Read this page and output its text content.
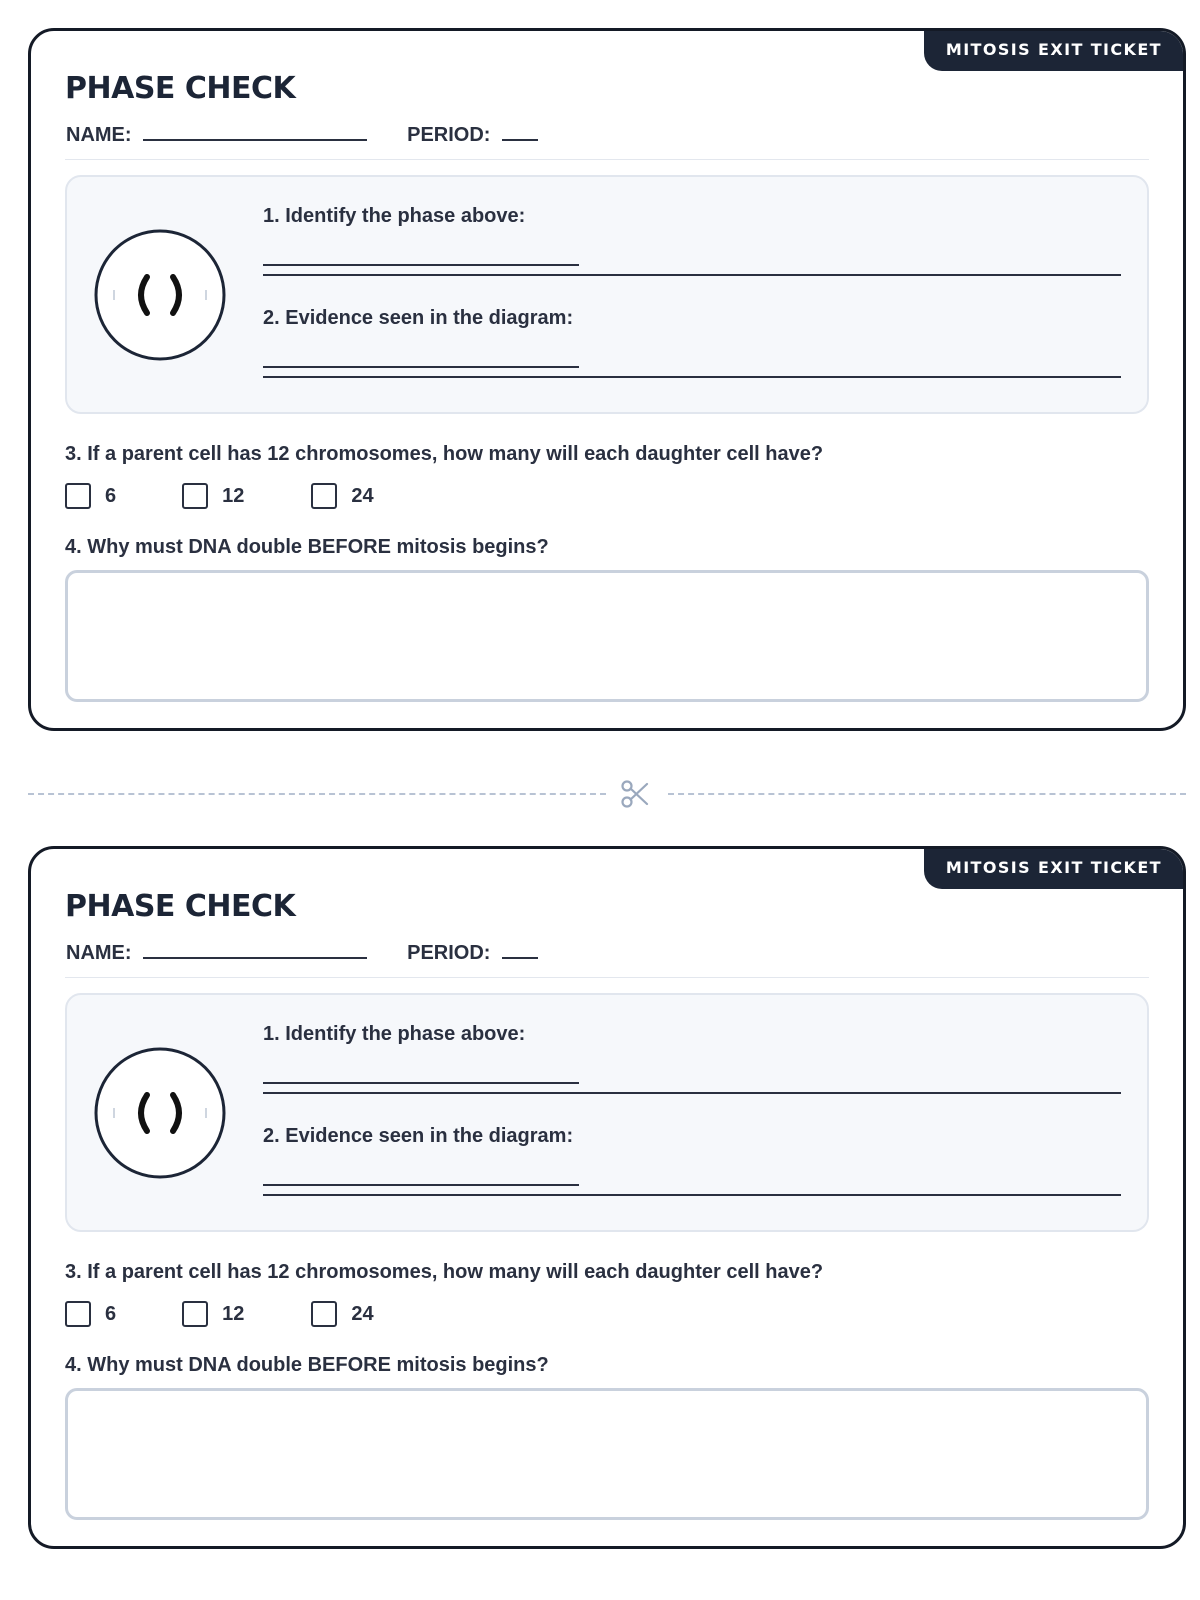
MITOSIS EXIT TICKET
PHASE CHECK
NAME:	PERIOD:
1. Identify the phase above:
2. Evidence seen in the diagram:
3. If a parent cell has 12 chromosomes, how many will each daughter cell have?
6	12	24
4. Why must DNA double BEFORE mitosis begins?
MITOSIS EXIT TICKET
PHASE CHECK
NAME:	PERIOD:
1. Identify the phase above:
2. Evidence seen in the diagram:
3. If a parent cell has 12 chromosomes, how many will each daughter cell have?
6	12	24
4. Why must DNA double BEFORE mitosis begins?
